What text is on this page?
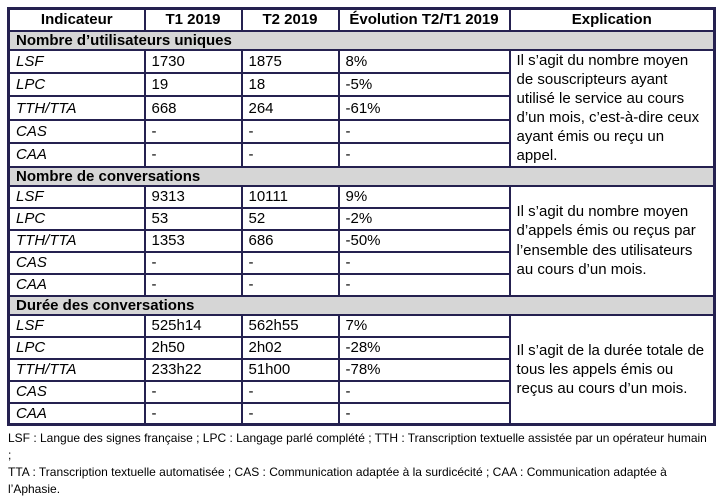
Indicateur	T1 2019	T2 2019	Évolution T2/T1 2019	Explication
Nombre d’utilisateurs uniques				
LSF	1730	1875	8%	Il s’agit du nombre moyen de souscripteurs ayant utilisé le service au cours d’un mois, c’est-à-dire ceux ayant émis ou reçu un appel.
LPC	19	18	-5%	
TTH/TTA	668	264	-61%	
CAS	-	-	-	
CAA	-	-	-	
Nombre de conversations				
LSF	9313	10111	9%	Il s’agit du nombre moyen d’appels émis ou reçus par l’ensemble des utilisateurs au cours d’un mois.
LPC	53	52	-2%	
TTH/TTA	1353	686	-50%	
CAS	-	-	-	
CAA	-	-	-	
Durée des conversations				
LSF	525h14	562h55	7%	Il s’agit de la durée totale de tous les appels émis ou reçus au cours d’un mois.
LPC	2h50	2h02	-28%	
TTH/TTA	233h22	51h00	-78%	
CAS	-	-	-	
CAA	-	-	-	
LSF : Langue des signes française ; LPC : Langage parlé complété ; TTH : Transcription textuelle assistée par un opérateur humain ;
TTA : Transcription textuelle automatisée ; CAS : Communication adaptée à la surdicécité ; CAA : Communication adaptée à l’Aphasie.
